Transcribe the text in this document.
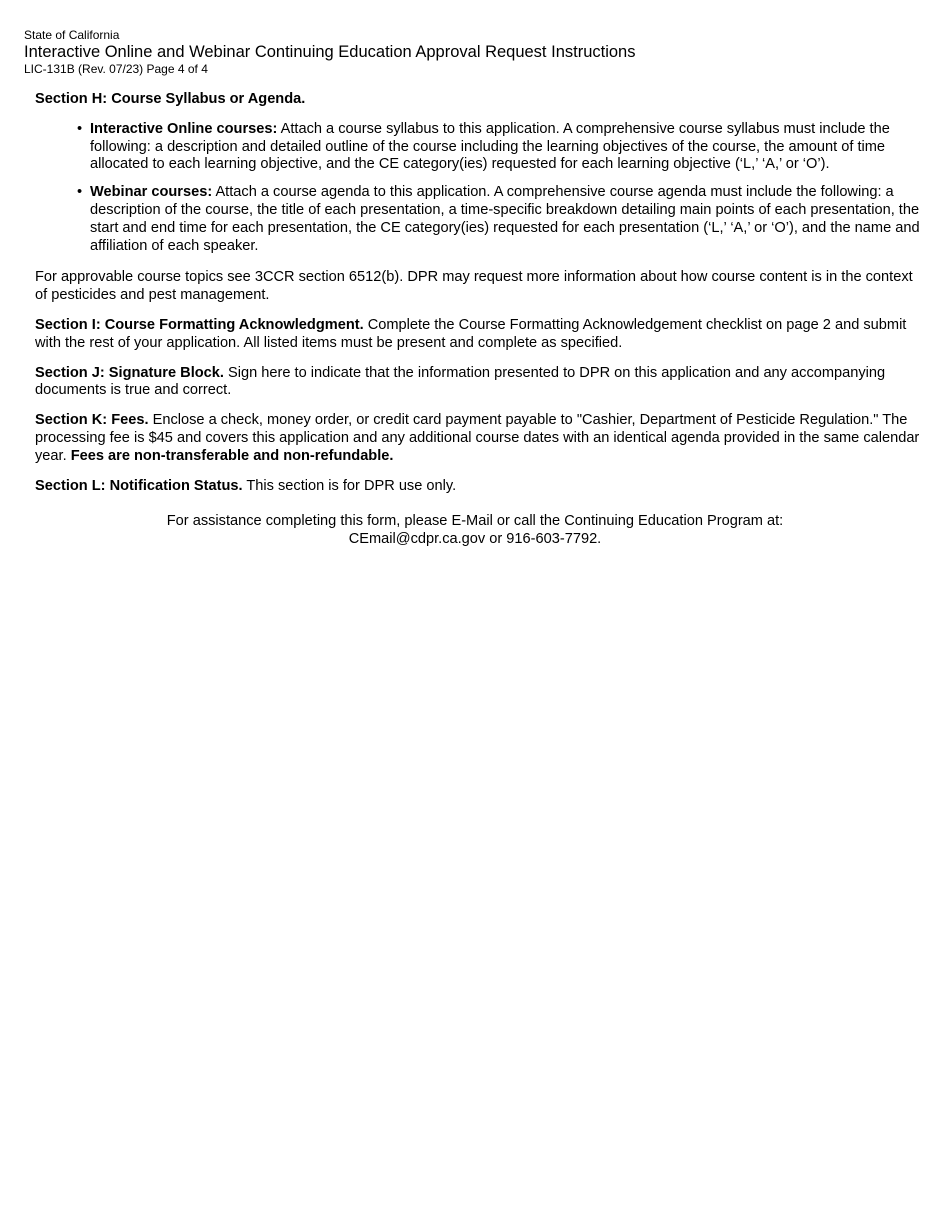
State of California
Interactive Online and Webinar Continuing Education Approval Request Instructions
LIC-131B (Rev. 07/23) Page 4 of 4
Section H: Course Syllabus or Agenda.
• Interactive Online courses: Attach a course syllabus to this application. A comprehensive course syllabus must include the following: a description and detailed outline of the course including the learning objectives of the course, the amount of time allocated to each learning objective, and the CE category(ies) requested for each learning objective (‘L,’ ‘A,’ or ‘O’).
• Webinar courses: Attach a course agenda to this application. A comprehensive course agenda must include the following: a description of the course, the title of each presentation, a time-specific breakdown detailing main points of each presentation, the start and end time for each presentation, the CE category(ies) requested for each presentation (‘L,’ ‘A,’ or ‘O’), and the name and affiliation of each speaker.

For approvable course topics see 3CCR section 6512(b). DPR may request more information about how course content is in the context of pesticides and pest management.

Section I: Course Formatting Acknowledgment. Complete the Course Formatting Acknowledgement checklist on page 2 and submit with the rest of your application. All listed items must be present and complete as specified.

Section J: Signature Block. Sign here to indicate that the information presented to DPR on this application and any accompanying documents is true and correct.

Section K: Fees. Enclose a check, money order, or credit card payment payable to "Cashier, Department of Pesticide Regulation." The processing fee is $45 and covers this application and any additional course dates with an identical agenda provided in the same calendar year. Fees are non-transferable and non-refundable.

Section L: Notification Status. This section is for DPR use only.

For assistance completing this form, please E-Mail or call the Continuing Education Program at:
CEmail@cdpr.ca.gov or 916-603-7792.
